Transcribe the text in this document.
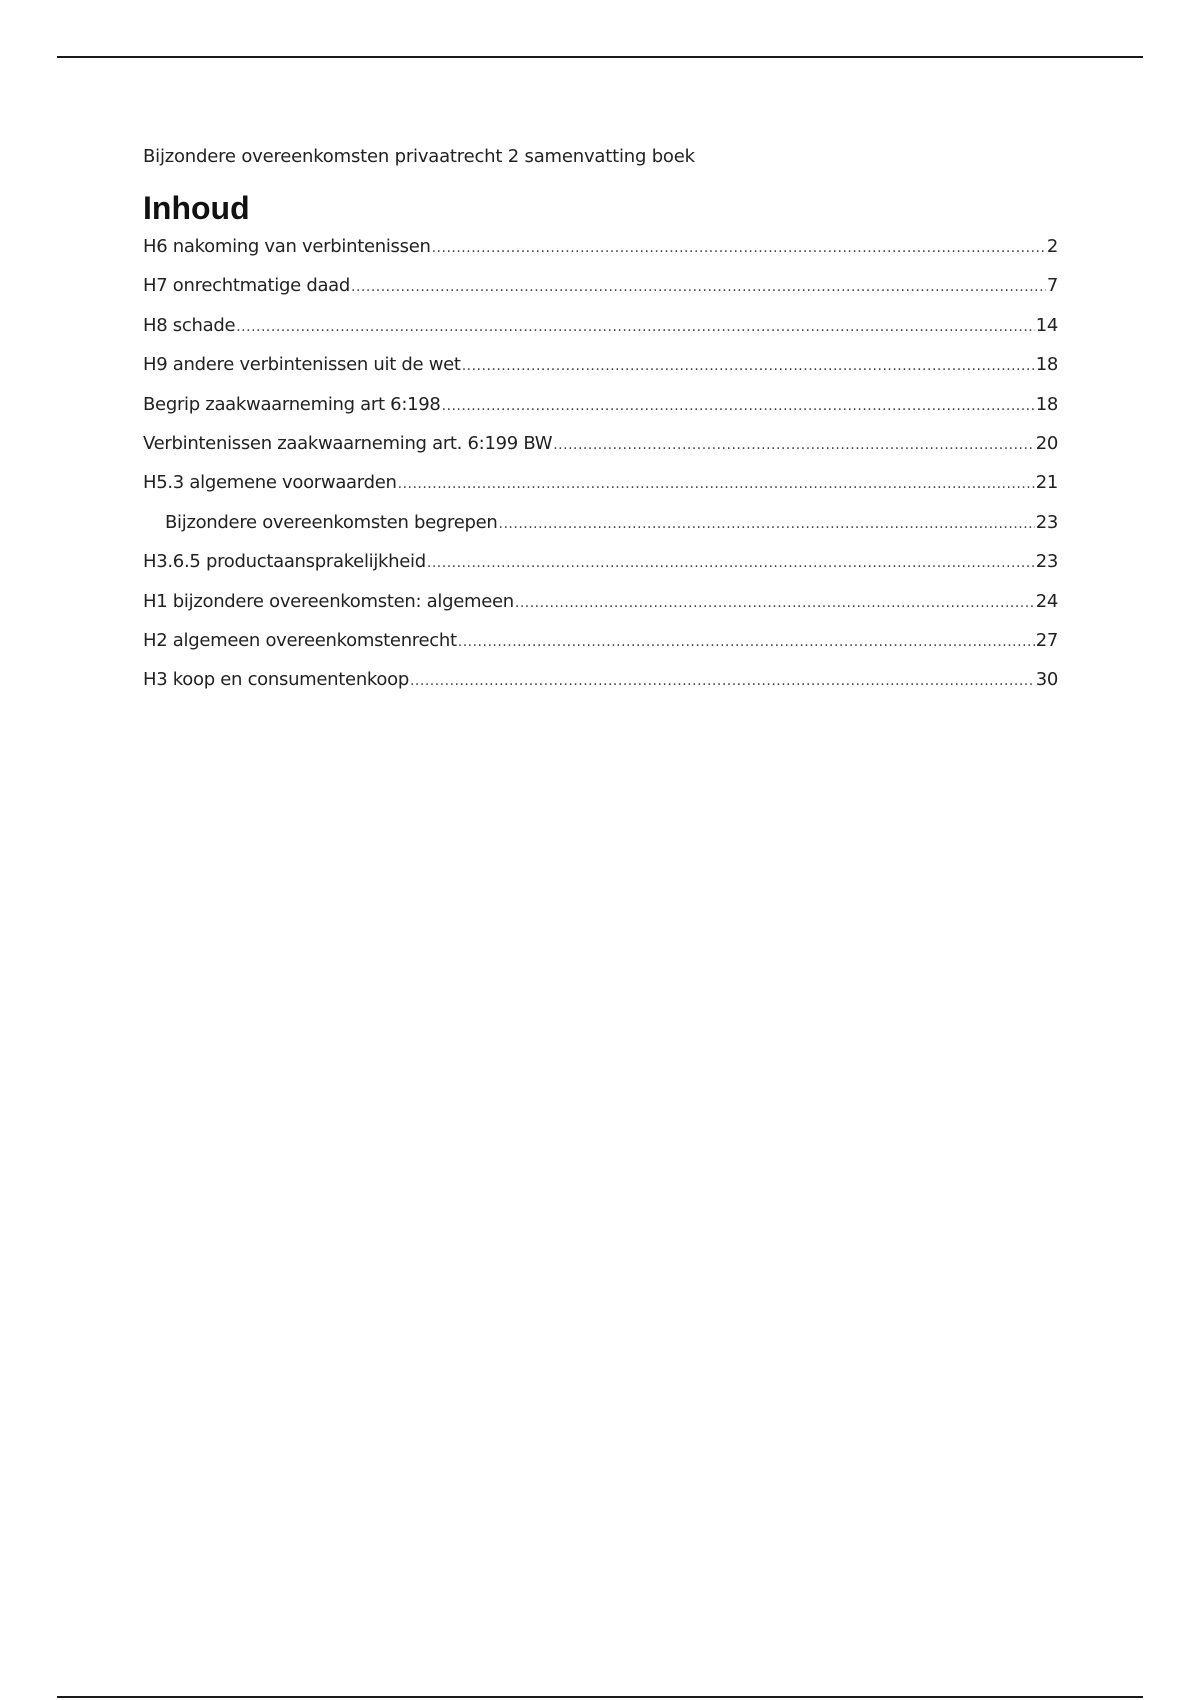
Bijzondere overeenkomsten privaatrecht 2 samenvatting boek

Inhoud
H6 nakoming van verbintenissen .....	2
H7 onrechtmatige daad .....	7
H8 schade .....	14
H9 andere verbintenissen uit de wet .....	18
Begrip zaakwaarneming art 6:198 .....	18
Verbintenissen zaakwaarneming art. 6:199 BW .....	20
H5.3 algemene voorwaarden .....	21
Bijzondere overeenkomsten begrepen .....	23
H3.6.5 productaansprakelijkheid .....	23
H1 bijzondere overeenkomsten: algemeen .....	24
H2 algemeen overeenkomstenrecht .....	27
H3 koop en consumentenkoop .....	30
